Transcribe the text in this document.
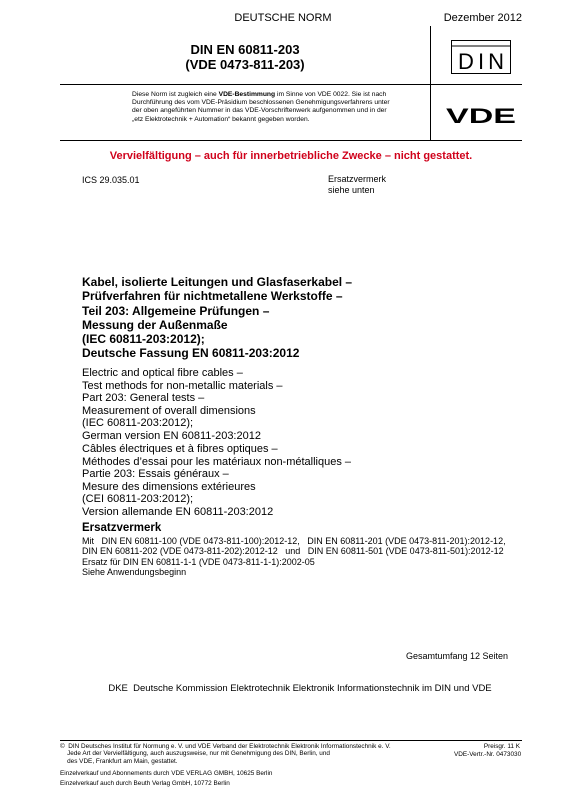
DEUTSCHE NORM	Dezember 2012
DIN EN 60811-203
(VDE 0473-811-203)	DIN
Diese Norm ist zugleich eine VDE-Bestimmung im Sinne von VDE 0022. Sie ist nach
Durchführung des vom VDE-Präsidium beschlossenen Genehmigungsverfahrens unter
der oben angeführten Nummer in das VDE-Vorschriftenwerk aufgenommen und in der
„etz Elektrotechnik + Automation“ bekannt gegeben worden.	VDE
Vervielfältigung – auch für innerbetriebliche Zwecke – nicht gestattet.
ICS 29.035.01	Ersatzvermerk
siehe unten
Kabel, isolierte Leitungen und Glasfaserkabel –
Prüfverfahren für nichtmetallene Werkstoffe –
Teil 203: Allgemeine Prüfungen –
Messung der Außenmaße
(IEC 60811-203:2012);
Deutsche Fassung EN 60811-203:2012
Electric and optical fibre cables –
Test methods for non-metallic materials –
Part 203: General tests –
Measurement of overall dimensions
(IEC 60811-203:2012);
German version EN 60811-203:2012
Câbles électriques et à fibres optiques –
Méthodes d’essai pour les matériaux non-métalliques –
Partie 203: Essais généraux –
Mesure des dimensions extérieures
(CEI 60811-203:2012);
Version allemande EN 60811-203:2012
Ersatzvermerk
Mit   DIN EN 60811-100 (VDE 0473-811-100):2012-12,   DIN EN 60811-201 (VDE 0473-811-201):2012-12,
DIN EN 60811-202 (VDE 0473-811-202):2012-12   und   DIN EN 60811-501 (VDE 0473-811-501):2012-12
Ersatz für DIN EN 60811-1-1 (VDE 0473-811-1-1):2002-05
Siehe Anwendungsbeginn
Gesamtumfang 12 Seiten
DKE  Deutsche Kommission Elektrotechnik Elektronik Informationstechnik im DIN und VDE
©  DIN Deutsches Institut für Normung e. V. und VDE Verband der Elektrotechnik Elektronik Informationstechnik e. V.
Jede Art der Vervielfältigung, auch auszugsweise, nur mit Genehmigung des DIN, Berlin, und
des VDE, Frankfurt am Main, gestattet.
Preisgr. 11 K
VDE-Vertr.-Nr. 0473030
Einzelverkauf und Abonnements durch VDE VERLAG GMBH, 10625 Berlin
Einzelverkauf auch durch Beuth Verlag GmbH, 10772 Berlin
